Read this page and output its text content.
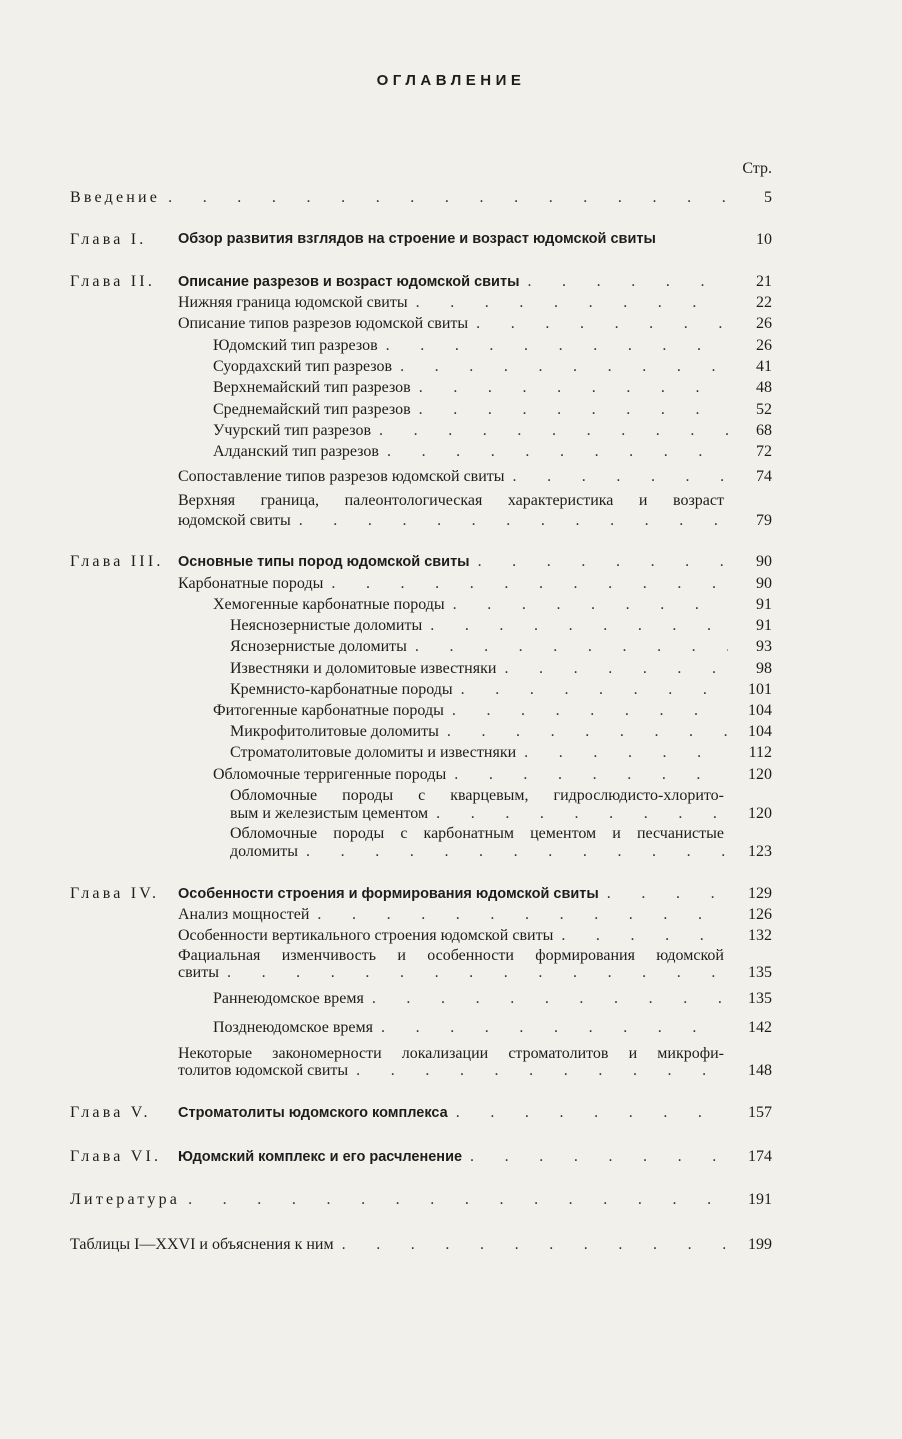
ОГЛАВЛЕНИЕ
Стр.
Введение . . .	5
Глава I. Обзор развития взглядов на строение и возраст юдомской свиты	10
Глава II. Описание разрезов и возраст юдомской свиты . . .	21
Нижняя граница юдомской свиты . . .	22
Описание типов разрезов юдомской свиты . . .	26
Юдомский тип разрезов . . .	26
Суордахский тип разрезов . . .	41
Верхнемайский тип разрезов . . .	48
Среднемайский тип разрезов . . .	52
Учурский тип разрезов . . .	68
Алданский тип разрезов . . .	72
Сопоставление типов разрезов юдомской свиты . . .	74
Верхняя граница, палеонтологическая характеристика и возраст
юдомской свиты . . .	79
Глава III. Основные типы пород юдомской свиты . . .	90
Карбонатные породы . . .	90
Хемогенные карбонатные породы . . .	91
Неяснозернистые доломиты . . .	91
Яснозернистые доломиты . . .	93
Известняки и доломитовые известняки . . .	98
Кремнисто-карбонатные породы . . .	101
Фитогенные карбонатные породы . . .	104
Микрофитолитовые доломиты . . .	104
Строматолитовые доломиты и известняки . . .	112
Обломочные терригенные породы . . .	120
Обломочные породы с кварцевым, гидрослюдисто-хлорито-
вым и железистым цементом . . .	120
Обломочные породы с карбонатным цементом и песчанистые
доломиты . . .	123
Глава IV. Особенности строения и формирования юдомской свиты . . .	129
Анализ мощностей . . .	126
Особенности вертикального строения юдомской свиты . . .	132
Фациальная изменчивость и особенности формирования юдомской
свиты . . .	135
Раннеюдомское время . . .	135
Позднеюдомское время . . .	142
Некоторые закономерности локализации строматолитов и микрофи-
толитов юдомской свиты . . .	148
Глава V. Строматолиты юдомского комплекса . . .	157
Глава VI. Юдомский комплекс и его расчленение . . .	174
Литература . . .	191
Таблицы I—XXVI и объяснения к ним . . .	199
